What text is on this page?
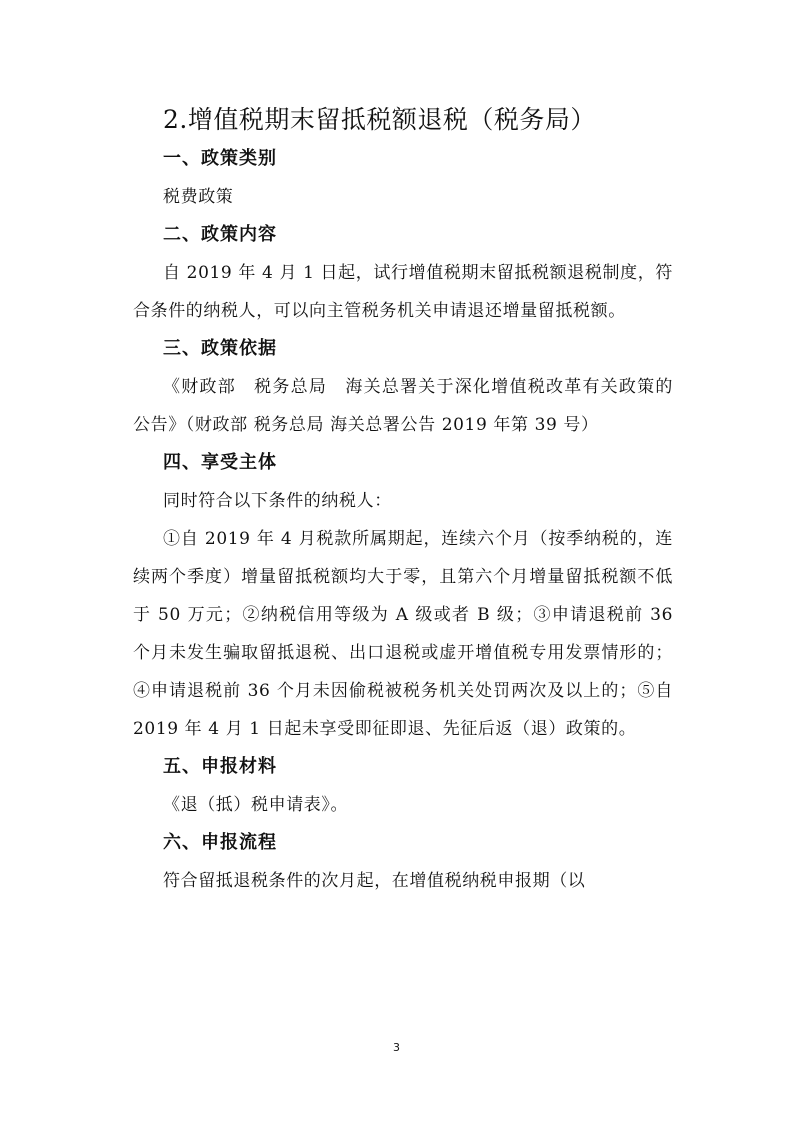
2.增值税期末留抵税额退税（税务局）
一、政策类别

税费政策

二、政策内容

自 2019 年 4 月 1 日起，试行增值税期末留抵税额退税制度，符合条件的纳税人，可以向主管税务机关申请退还增量留抵税额。

三、政策依据

《财政部　税务总局　海关总署关于深化增值税改革有关政策的公告》（财政部 税务总局 海关总署公告 2019 年第 39 号）

四、享受主体

同时符合以下条件的纳税人：

①自 2019 年 4 月税款所属期起，连续六个月（按季纳税的，连续两个季度）增量留抵税额均大于零，且第六个月增量留抵税额不低于 50 万元；②纳税信用等级为 A 级或者 B 级；③申请退税前 36 个月未发生骗取留抵退税、出口退税或虚开增值税专用发票情形的；④申请退税前 36 个月未因偷税被税务机关处罚两次及以上的；⑤自 2019 年 4 月 1 日起未享受即征即退、先征后返（退）政策的。

五、申报材料

《退（抵）税申请表》。

六、申报流程

符合留抵退税条件的次月起，在增值税纳税申报期（以

3
